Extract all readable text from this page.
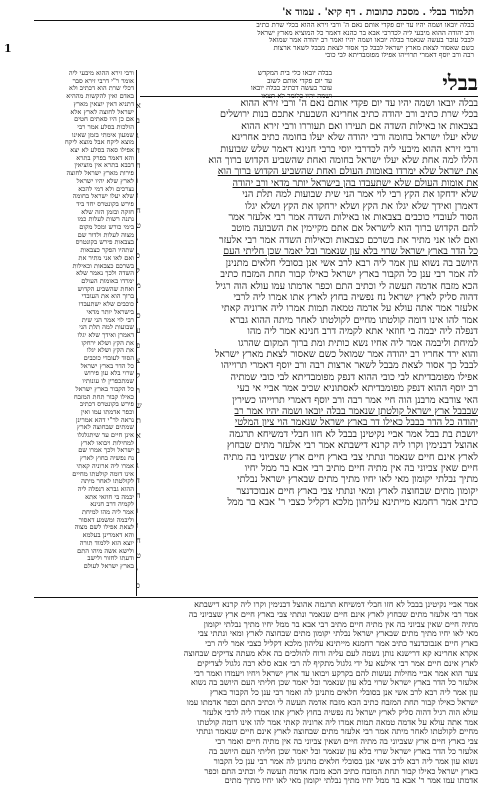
תלמוד בבלי . מסכת כתובות . דף קיא' . עמוד א'
1
בבלה יובאו ושמה יהיו עד יום פקדי אותם נאם ה' ורבי זירא ההוא בכלי שרת כתיב
ורב יהודה ההוא מיבעי ליה לכדרבי אבא בר כהנא דאמר כל המוציא מארץ ישראל
לבבל עובר בעשה שנאמר בבלה יובאו ושמה יהיו ואמר רב יהודה אמר שמואל
כשם שאסור לצאת מארץ ישראל לבבל כך אסור לצאת מבבל לשאר ארצות
רבה ורב יוסף דאמרי תרוייהו אפילו מפומבדיתא לבי כובי
בבלי
בבלה יובאו כלי בית המקדש
עד יום פקדי אותם לשוב
עובר בעשה דכתיב בבלה יובאו
בבלה יובאו ושמה יהיו עד יום פקדי אותם נאם ה' ורבי זירא ההוא
בכלי שרת כתיב ורב יהודה כתיב אחרינא השבעתי אתכם בנות ירושלים
בצבאות או באילות השדה אם תעירו ואם תעוררו ורבי זירא ההוא
שלא יעלו ישראל בחומה ורבי יהודה שלא יעלו בחומה כתיב אחרינא
ורבי זירא ההוא מיבעי ליה לכדרבי יוסי ברבי חנינא דאמר שלש שבועות
הללו למה אחת שלא יעלו ישראל בחומה ואחת שהשביע הקדוש ברוך הוא
את ישראל שלא ימרדו באומות העולם ואחת שהשביע הקדוש ברוך הוא
את אומות העולם שלא ישתעבדו בהן בישראל יותר מדאי ורב יהודה
שלא ידחקו את הקץ רבי לוי אמר הני שית שבועות למה תלת הני
דאמרן ואידך שלא יגלו את הקץ ושלא ירחקו את הקץ ושלא יגלו
הסוד לעובדי כוכבים בצבאות או באילות השדה אמר רבי אלעזר אמר
להם הקדוש ברוך הוא לישראל אם אתם מקיימין את השבועה מוטב
ואם לאו אני מתיר את בשרכם כצבאות וכאילות השדה אמר רבי אלעזר
כל הדר בארץ ישראל שרוי בלא עון שנאמר ובל יאמר שכן חליתי העם
היושב בה נשוא עון אמר ליה רבא לרב אשי אנן בסובלי חלאים מתנינן
לה אמר רבי ענן כל הקבור בארץ ישראל כאילו קבור תחת המזבח כתיב
הכא מזבח אדמה תעשה לי וכתיב התם וכפר אדמתו עמו עולא הוה רגיל
דהוה סליק לארץ ישראל נח נפשיה בחוץ לארץ אתו אמרו ליה לרבי
אלעזר אמר אתה עולא על אדמה טמאה תמות אמרו ליה ארוניה קאתי
אמר להו אינו דומה קולטתו מחיים לקולטתו לאחר מיתה ההוא גברא
דנפלה ליה יבמה בי חוזאי אתא לקמיה דרב חנינא אמר ליה מהו
למיחת וליבמה אמר ליה אחיו נשא כותית ומת ברוך המקום שהרגו
והוא ירד אחריו רב יהודה אמר שמואל כשם שאסור לצאת מארץ ישראל
לבבל כך אסור לצאת מבבל לשאר ארצות רבה ורב יוסף דאמרי תרוייהו
אפילו מפומבדיתא לבי כובי ההוא דנפק מפומבדיתא לבי כובי שמתיה
רב יוסף ההוא דנפק מפומבדיתא לאסתוניא שכיב אמר אביי אי בעי
האי צורבא מרבנן הוה חיי אמר רבה ורב יוסף דאמרי תרוייהו כשירין
שבבבל ארץ ישראל קולטתן שנאמר בבלה יובאו ושמה יהיו אמר רב
יהודה כל הדר בבבל כאילו דר בארץ ישראל שנאמר הוי ציון המלטי
יושבת בת בבל אמר אביי נקיטינן בבבל לא חזו חבלי דמשיחא תרגמה
אהוצל דבנימין וקרו ליה קרנא דישבתא אמר רבי אלעזר מתים שבחוץ
לארץ אינם חיים שנאמר ונתתי צבי בארץ חיים ארץ שצביוני בה מתיה
חיים שאין צביוני בה אין מתיה חיים מתיב רבי אבא בר ממל יחיו
מתיך נבלתי יקומון מאי לאו יחיו מתיך מתים שבארץ ישראל נבלתי
יקומון מתים שבחוצה לארץ ומאי ונתתי צבי בארץ חיים אנבוכדנצר
כתיב אמר רחמנא מייתינא עליהון מלכא דקליל כצבי ר' אבא בר ממל
א
ב
ג
ד
ה
ו
ז
ח
ט
י
כ
ל
מ
נ
ס
ע
פ
צ
ק
ר
ש
ת
א
ב
ג
ד
ה
ו
ז
ח
ט
י
כ
ורבי זירא ההוא מיבעי ליה
אומר ר"י דרבי זירא סבר
דכלי שרת הוא דכתיב ולא
באדם ואין להקשות מההיא
דתניא דאין יוצאין מארץ
ישראל לחוצה לארץ אלא
אם כן היו סאתים חטים
הולכות בסלע אמר רבי
שמעון אימתי בזמן שאינו
מוצא ליקח אבל מוצא ליקח
אפילו סאה בסלע לא יצא
והא דאמר בפרק בתרא
דבבא בתרא אין מוציאין
פירות מארץ ישראל לחוצה
לארץ שלא יהיו ישראל
נצרכים ולא דמי להכא
שלא יעלו ישראל בחומה
פירש בקונטרס יחד ביד
חזקה ובזמן הזה שלא
נתנה רשות לעלות כמו
בימי כורש ומכל מקום
מצוה לעלות ולדור שם
בצבאות פירש בקונטרס
שתהיו הפקר כצבאות
ואם לאו אני מתיר את
בשרכם כצבאות וכאילות
השדה ולכך נאמר שלא
ימרדו באומות העולם
ואחת שהשביע הקדוש
ברוך הוא את העובדי
כוכבים שלא ישתעבדו
בישראל יותר מדאי
רבי לוי אמר הני שית
שבועות למה תלת הני
דאמרן ואידך שלא יגלו
את הקץ ושלא ירחקו
את הקץ ושלא יגלו
הסוד לעובדי כוכבים
כל הדר בארץ ישראל
שרוי בלא עון פירוש
שמתכפרין לו עונותיו
כל הקבור בארץ ישראל
כאילו קבור תחת המזבח
פירש בקונטרס דכתיב
וכפר אדמתו עמו ואין
נראה לר"י דהא אמרינן
שמתים שבחוצה לארץ
אינן חיים עד שיתגלגלו
למחילות ויבואו לארץ
ישראל ולכך אמרו שם
נח נפשיה בחוץ לארץ
אמרו ליה ארוניה קאתי
אינו דומה קולטתו מחיים
לקולטתו לאחר מיתה
ההוא גברא דנפלה ליה
יבמה בי חוזאי אתא
לקמיה דרב חנינא
אמר ליה מהו למיחת
וליבמה ומשמע דאסור
לצאת אפילו לשם מצוה
והא דאמרינן בעלמא
יוצא הוא ללמוד תורה
ולישא אשה מיהו התם
ודעתו לחזור ולישב
בארץ ישראל לעולם
אמר אביי נקיטינן בבבל לא חזו חבלי דמשיחא תרגמה אהוצל דבנימין וקרו ליה קרנא דישבתא
אמר רבי אלעזר מתים שבחוץ לארץ אינם חיים שנאמר ונתתי צבי בארץ חיים ארץ שצביוני בה
מתיה חיים שאין צביוני בה אין מתיה חיים מתיב רבי אבא בר ממל יחיו מתיך נבלתי יקומון
מאי לאו יחיו מתיך מתים שבארץ ישראל נבלתי יקומון מתים שבחוצה לארץ ומאי ונתתי צבי
בארץ חיים אנבוכדנצר כתיב אמר רחמנא מייתינא עליהון מלכא דקליל כצבי אמר ליה רבי
אקרא אחרינא קא דרישנא נותן נשמה לעם עליה ורוח להולכים בה אלא מעתה צדיקים שבחוצה
לארץ אינם חיים אמר רבי אילעא על ידי גלגול מתקיף לה רבי אבא סלא רבה גלגול לצדיקים
צער הוא אמר אביי מחילות נעשות להם בקרקע ויבואו עד ארץ ישראל ויחיו ויעמדו ואמר רבי
אלעזר כל הדר בארץ ישראל שרוי בלא עון שנאמר ובל יאמר שכן חליתי העם היושב בה נשוא
עון אמר ליה רבא לרב אשי אנן בסובלי חלאים מתנינן לה ואמר רבי ענן כל הקבור בארץ
ישראל כאילו קבור תחת המזבח כתיב הכא מזבח אדמה תעשה לי וכתיב התם וכפר אדמתו עמו
עולא הוה רגיל דהוה סליק לארץ ישראל נח נפשיה בחוץ לארץ אתו אמרו ליה לרבי אלעזר
אמר אתה עולא על אדמה טמאה תמות אמרו ליה ארוניה קאתי אמר להו אינו דומה קולטתו
מחיים לקולטתו לאחר מיתה אמר רבי אלעזר מתים שבחוצה לארץ אינם חיים שנאמר ונתתי
צבי בארץ חיים ארץ שצביוני בה מתיה חיים ושאין צביוני בה אין מתיה חיים ואמר רבי
אלעזר כל הדר בארץ ישראל שרוי בלא עון שנאמר ובל יאמר שכן חליתי העם היושב בה
נשוא עון אמר ליה רבא לרב אשי אנן בסובלי חלאים מתנינן לה אמר רבי ענן כל הקבור
בארץ ישראל כאילו קבור תחת המזבח כתיב הכא מזבח אדמה תעשה לי וכתיב התם וכפר
אדמתו עמו אמר ר' אבא בר ממל יחיו מתיך נבלתי יקומון מאי לאו יחיו מתיך מתים
